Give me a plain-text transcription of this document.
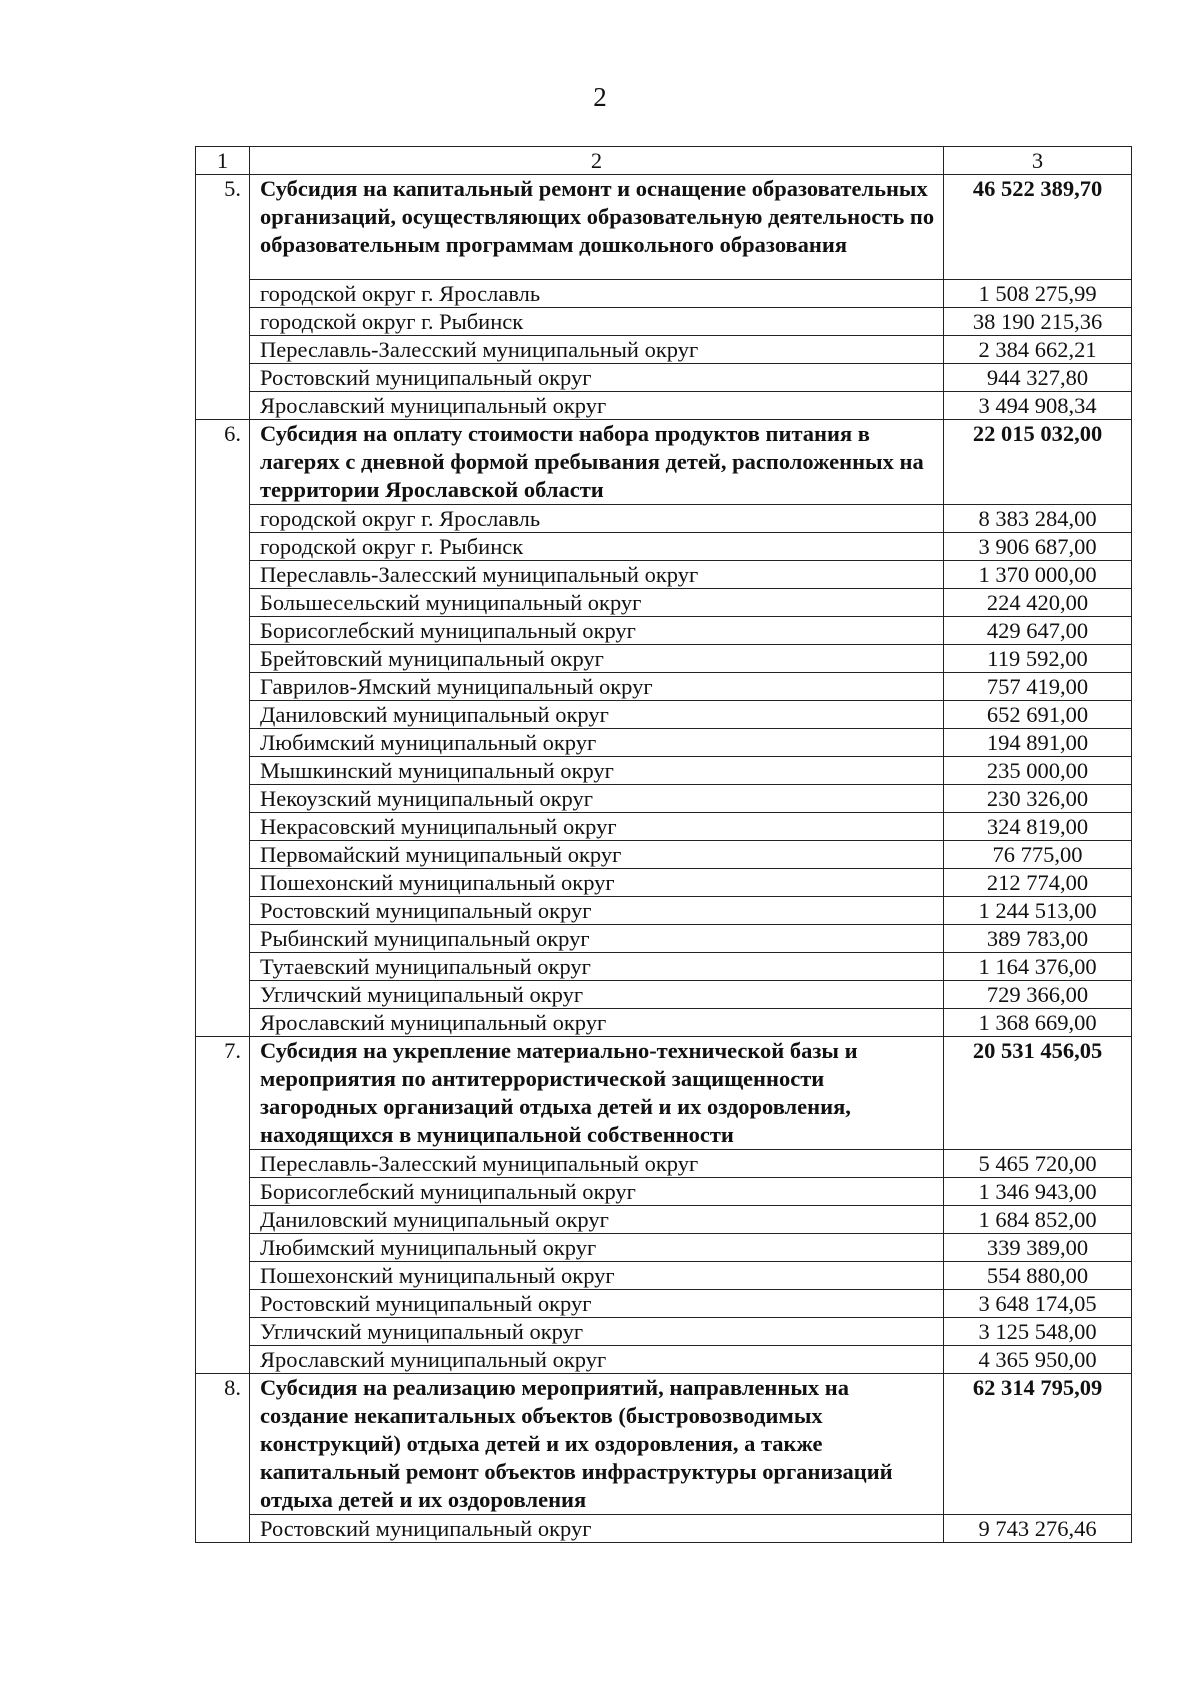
2
1	2	3
5.	Субсидия на капитальный ремонт и оснащение образовательных организаций, осуществляющих образовательную деятельность по образовательным программам дошкольного образования	46 522 389,70
	городской округ г. Ярославль	1 508 275,99
	городской округ г. Рыбинск	38 190 215,36
	Переславль-Залесский муниципальный округ	2 384 662,21
	Ростовский муниципальный округ	944 327,80
	Ярославский муниципальный округ	3 494 908,34
6.	Субсидия на оплату стоимости набора продуктов питания в лагерях с дневной формой пребывания детей, расположенных на территории Ярославской области	22 015 032,00
	городской округ г. Ярославль	8 383 284,00
	городской округ г. Рыбинск	3 906 687,00
	Переславль-Залесский муниципальный округ	1 370 000,00
	Большесельский муниципальный округ	224 420,00
	Борисоглебский муниципальный округ	429 647,00
	Брейтовский муниципальный округ	119 592,00
	Гаврилов-Ямский муниципальный округ	757 419,00
	Даниловский муниципальный округ	652 691,00
	Любимский муниципальный округ	194 891,00
	Мышкинский муниципальный округ	235 000,00
	Некоузский муниципальный округ	230 326,00
	Некрасовский муниципальный округ	324 819,00
	Первомайский муниципальный округ	76 775,00
	Пошехонский муниципальный округ	212 774,00
	Ростовский муниципальный округ	1 244 513,00
	Рыбинский муниципальный округ	389 783,00
	Тутаевский муниципальный округ	1 164 376,00
	Угличский муниципальный округ	729 366,00
	Ярославский муниципальный округ	1 368 669,00
7.	Субсидия на укрепление материально-технической базы и мероприятия по антитеррористической защищенности загородных организаций отдыха детей и их оздоровления, находящихся в муниципальной собственности	20 531 456,05
	Переславль-Залесский муниципальный округ	5 465 720,00
	Борисоглебский муниципальный округ	1 346 943,00
	Даниловский муниципальный округ	1 684 852,00
	Любимский муниципальный округ	339 389,00
	Пошехонский муниципальный округ	554 880,00
	Ростовский муниципальный округ	3 648 174,05
	Угличский муниципальный округ	3 125 548,00
	Ярославский муниципальный округ	4 365 950,00
8.	Субсидия на реализацию мероприятий, направленных на создание некапитальных объектов (быстровозводимых конструкций) отдыха детей и их оздоровления, а также капитальный ремонт объектов инфраструктуры организаций отдыха детей и их оздоровления	62 314 795,09
	Ростовский муниципальный округ	9 743 276,46
